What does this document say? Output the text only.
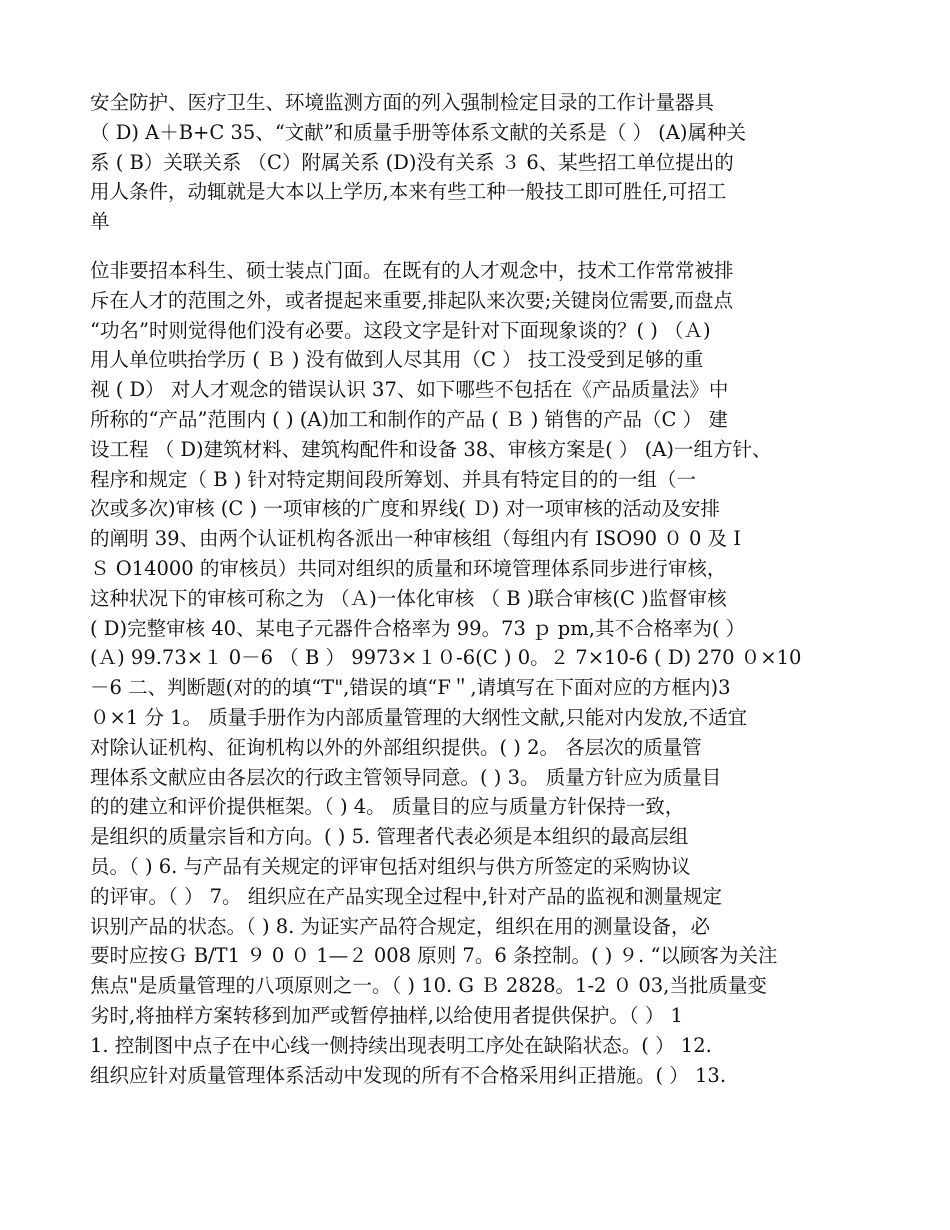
安全防护、医疗卫生、环境监测方面的列入强制检定目录的工作计量器具
（ D) A＋B+C 35、“文献”和质量手册等体系文献的关系是（ ） (A)属种关
系 ( B）关联关系 （C）附属关系 (D)没有关系 ３ 6、某些招工单位提出的
用人条件，动辄就是大本以上学历,本来有些工种一般技工即可胜任,可招工
单
位非要招本科生、硕士装点门面。在既有的人才观念中，技术工作常常被排
斥在人才的范围之外，或者提起来重要,排起队来次要;关键岗位需要,而盘点
“功名”时则觉得他们没有必要。这段文字是针对下面现象谈的？( ) （Ａ)
用人单位哄抬学历 ( Ｂ ) 没有做到人尽其用（C ） 技工没受到足够的重
视 ( D） 对人才观念的错误认识 37、如下哪些不包括在《产品质量法》中
所称的“产品”范围内 ( ) (A)加工和制作的产品 ( Ｂ ) 销售的产品（C ） 建
设工程 （ D)建筑材料、建筑构配件和设备 38、审核方案是( ） (A)一组方针、
程序和规定（ B ) 针对特定期间段所筹划、并具有特定目的的一组（一
次或多次)审核 (C ) 一项审核的广度和界线( Ｄ) 对一项审核的活动及安排
的阐明 39、由两个认证机构各派出一种审核组（每组内有 ISO90 ０ 0 及 I
Ｓ O14000 的审核员）共同对组织的质量和环境管理体系同步进行审核，
这种状况下的审核可称之为 （Ａ)一体化审核 （ B )联合审核(C )监督审核
( D)完整审核 40、某电子元器件合格率为 99。73 ｐ pm,其不合格率为( ）
(Ａ) 99.73×１ 0－6 （ B ） 9973×１０-6(C ) 0。２ 7×10-6 ( D) 270 ０×10
－6 二、判断题(对的的填“T",错误的填“F＂,请填写在下面对应的方框内)3
０×1 分 1。 质量手册作为内部质量管理的大纲性文献,只能对内发放,不适宜
对除认证机构、征询机构以外的外部组织提供。( ) 2。 各层次的质量管
理体系文献应由各层次的行政主管领导同意。( ) 3。 质量方针应为质量目
的的建立和评价提供框架。（ ) 4。 质量目的应与质量方针保持一致，
是组织的质量宗旨和方向。( ) 5. 管理者代表必须是本组织的最高层组
员。（ ) 6. 与产品有关规定的评审包括对组织与供方所签定的采购协议
的评审。（ ） 7。 组织应在产品实现全过程中,针对产品的监视和测量规定
识别产品的状态。（ ) 8. 为证实产品符合规定，组织在用的测量设备，必
要时应按Ｇ B/T1 ９ 0 ０ 1—２ 008 原则 7。6 条控制。( ) ９. “以顾客为关注
焦点"是质量管理的八项原则之一。（ ) 10. G Ｂ 2828。1-2 ０ 03,当批质量变
劣时,将抽样方案转移到加严或暂停抽样,以给使用者提供保护。（ ） 1
1. 控制图中点子在中心线一侧持续出现表明工序处在缺陷状态。( ） 12.
组织应针对质量管理体系活动中发现的所有不合格采用纠正措施。( ） 13.
